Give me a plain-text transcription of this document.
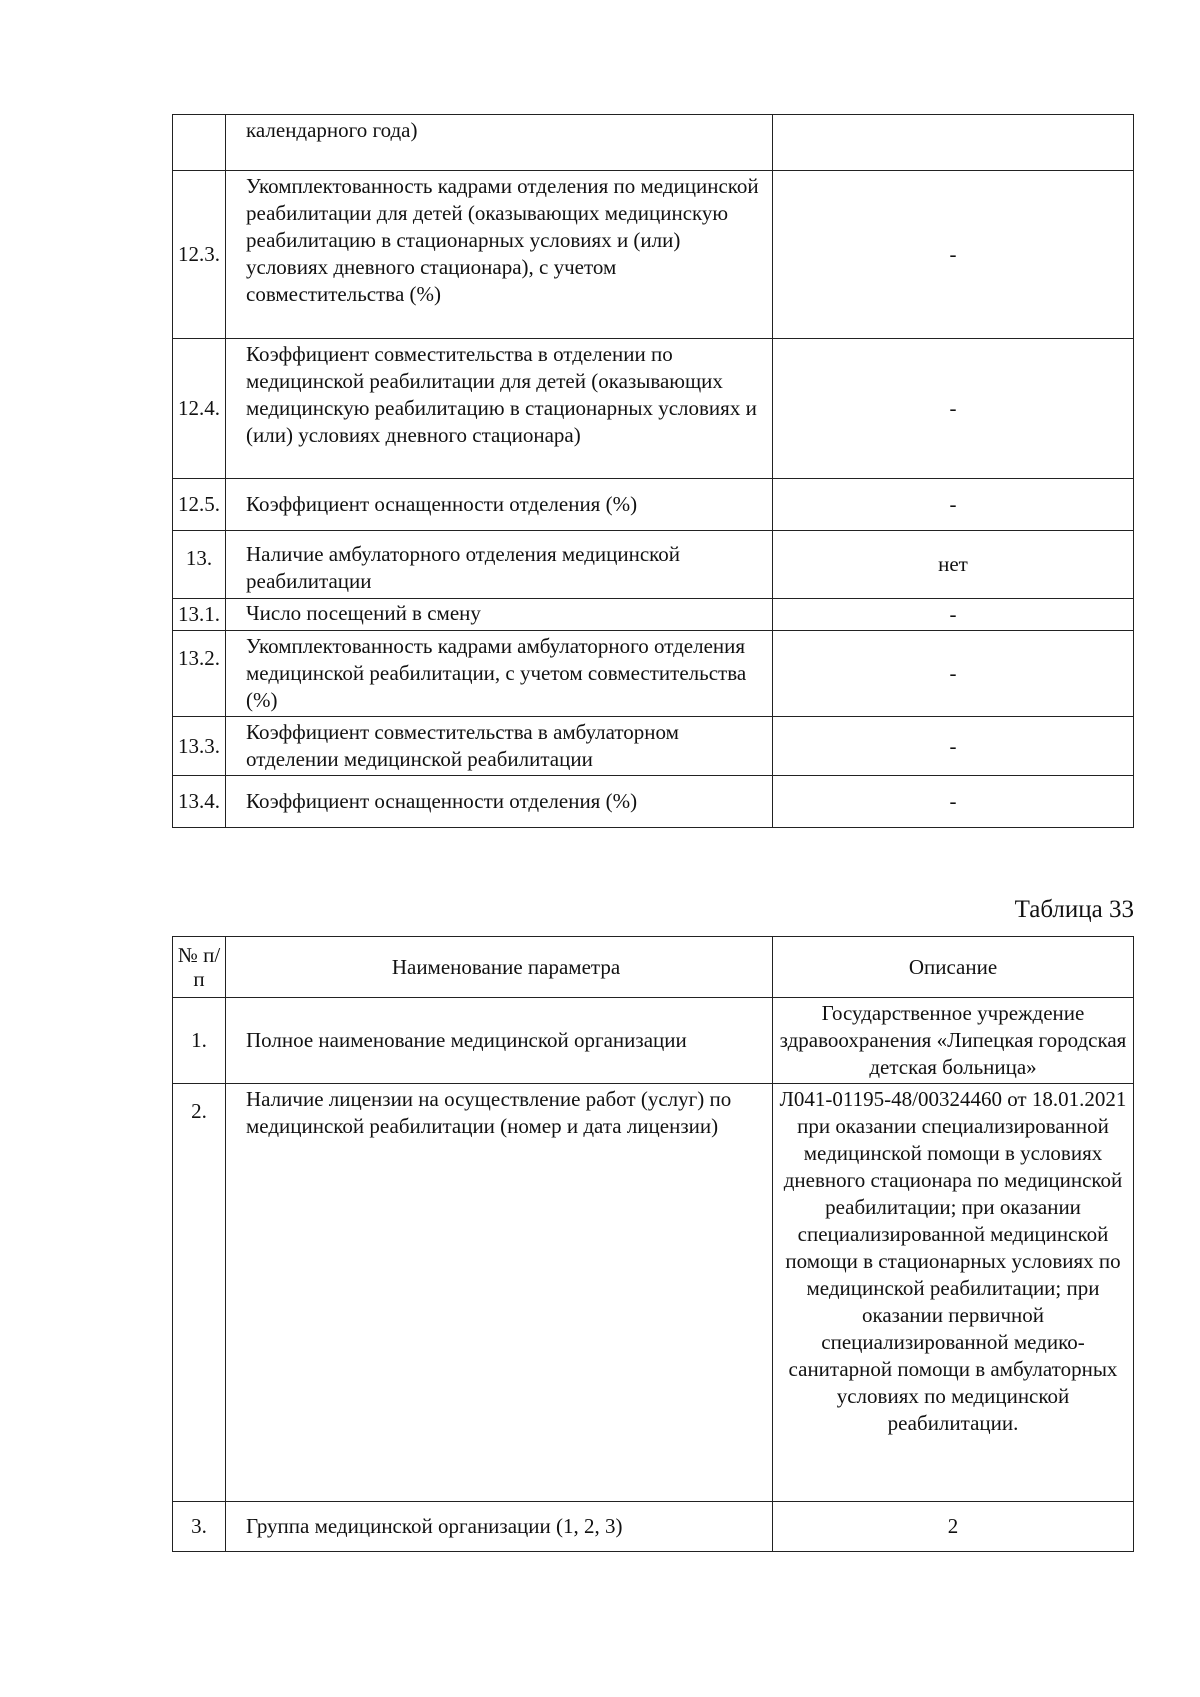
	календарного года)	
12.3.	Укомплектованность кадрами отделения по медицинской реабилитации для детей (оказывающих медицинскую реабилитацию в стационарных условиях и (или) условиях дневного стационара), с учетом совместительства (%)	-
12.4.	Коэффициент совместительства в отделении по медицинской реабилитации для детей (оказывающих медицинскую реабилитацию в стационарных условиях и (или) условиях дневного стационара)	-
12.5.	Коэффициент оснащенности отделения (%)	-
13.	Наличие амбулаторного отделения медицинской реабилитации	нет
13.1.	Число посещений в смену	-
13.2.	Укомплектованность кадрами амбулаторного отделения медицинской реабилитации, с учетом совместительства (%)	-
13.3.	Коэффициент совместительства в амбулаторном отделении медицинской реабилитации	-
13.4.	Коэффициент оснащенности отделения (%)	-
Таблица 33
№ п/п	Наименование параметра	Описание
1.	Полное наименование медицинской организации	Государственное учреждение здравоохранения «Липецкая городская детская больница»
2.	Наличие лицензии на осуществление работ (услуг) по медицинской реабилитации (номер и дата лицензии)	Л041-01195-48/00324460 от 18.01.2021 при оказании специализированной медицинской помощи в условиях дневного стационара по медицинской реабилитации; при оказании специализированной медицинской помощи в стационарных условиях по медицинской реабилитации; при оказании первичной специализированной медико-санитарной помощи в амбулаторных условиях по медицинской реабилитации.
3.	Группа медицинской организации (1, 2, 3)	2
